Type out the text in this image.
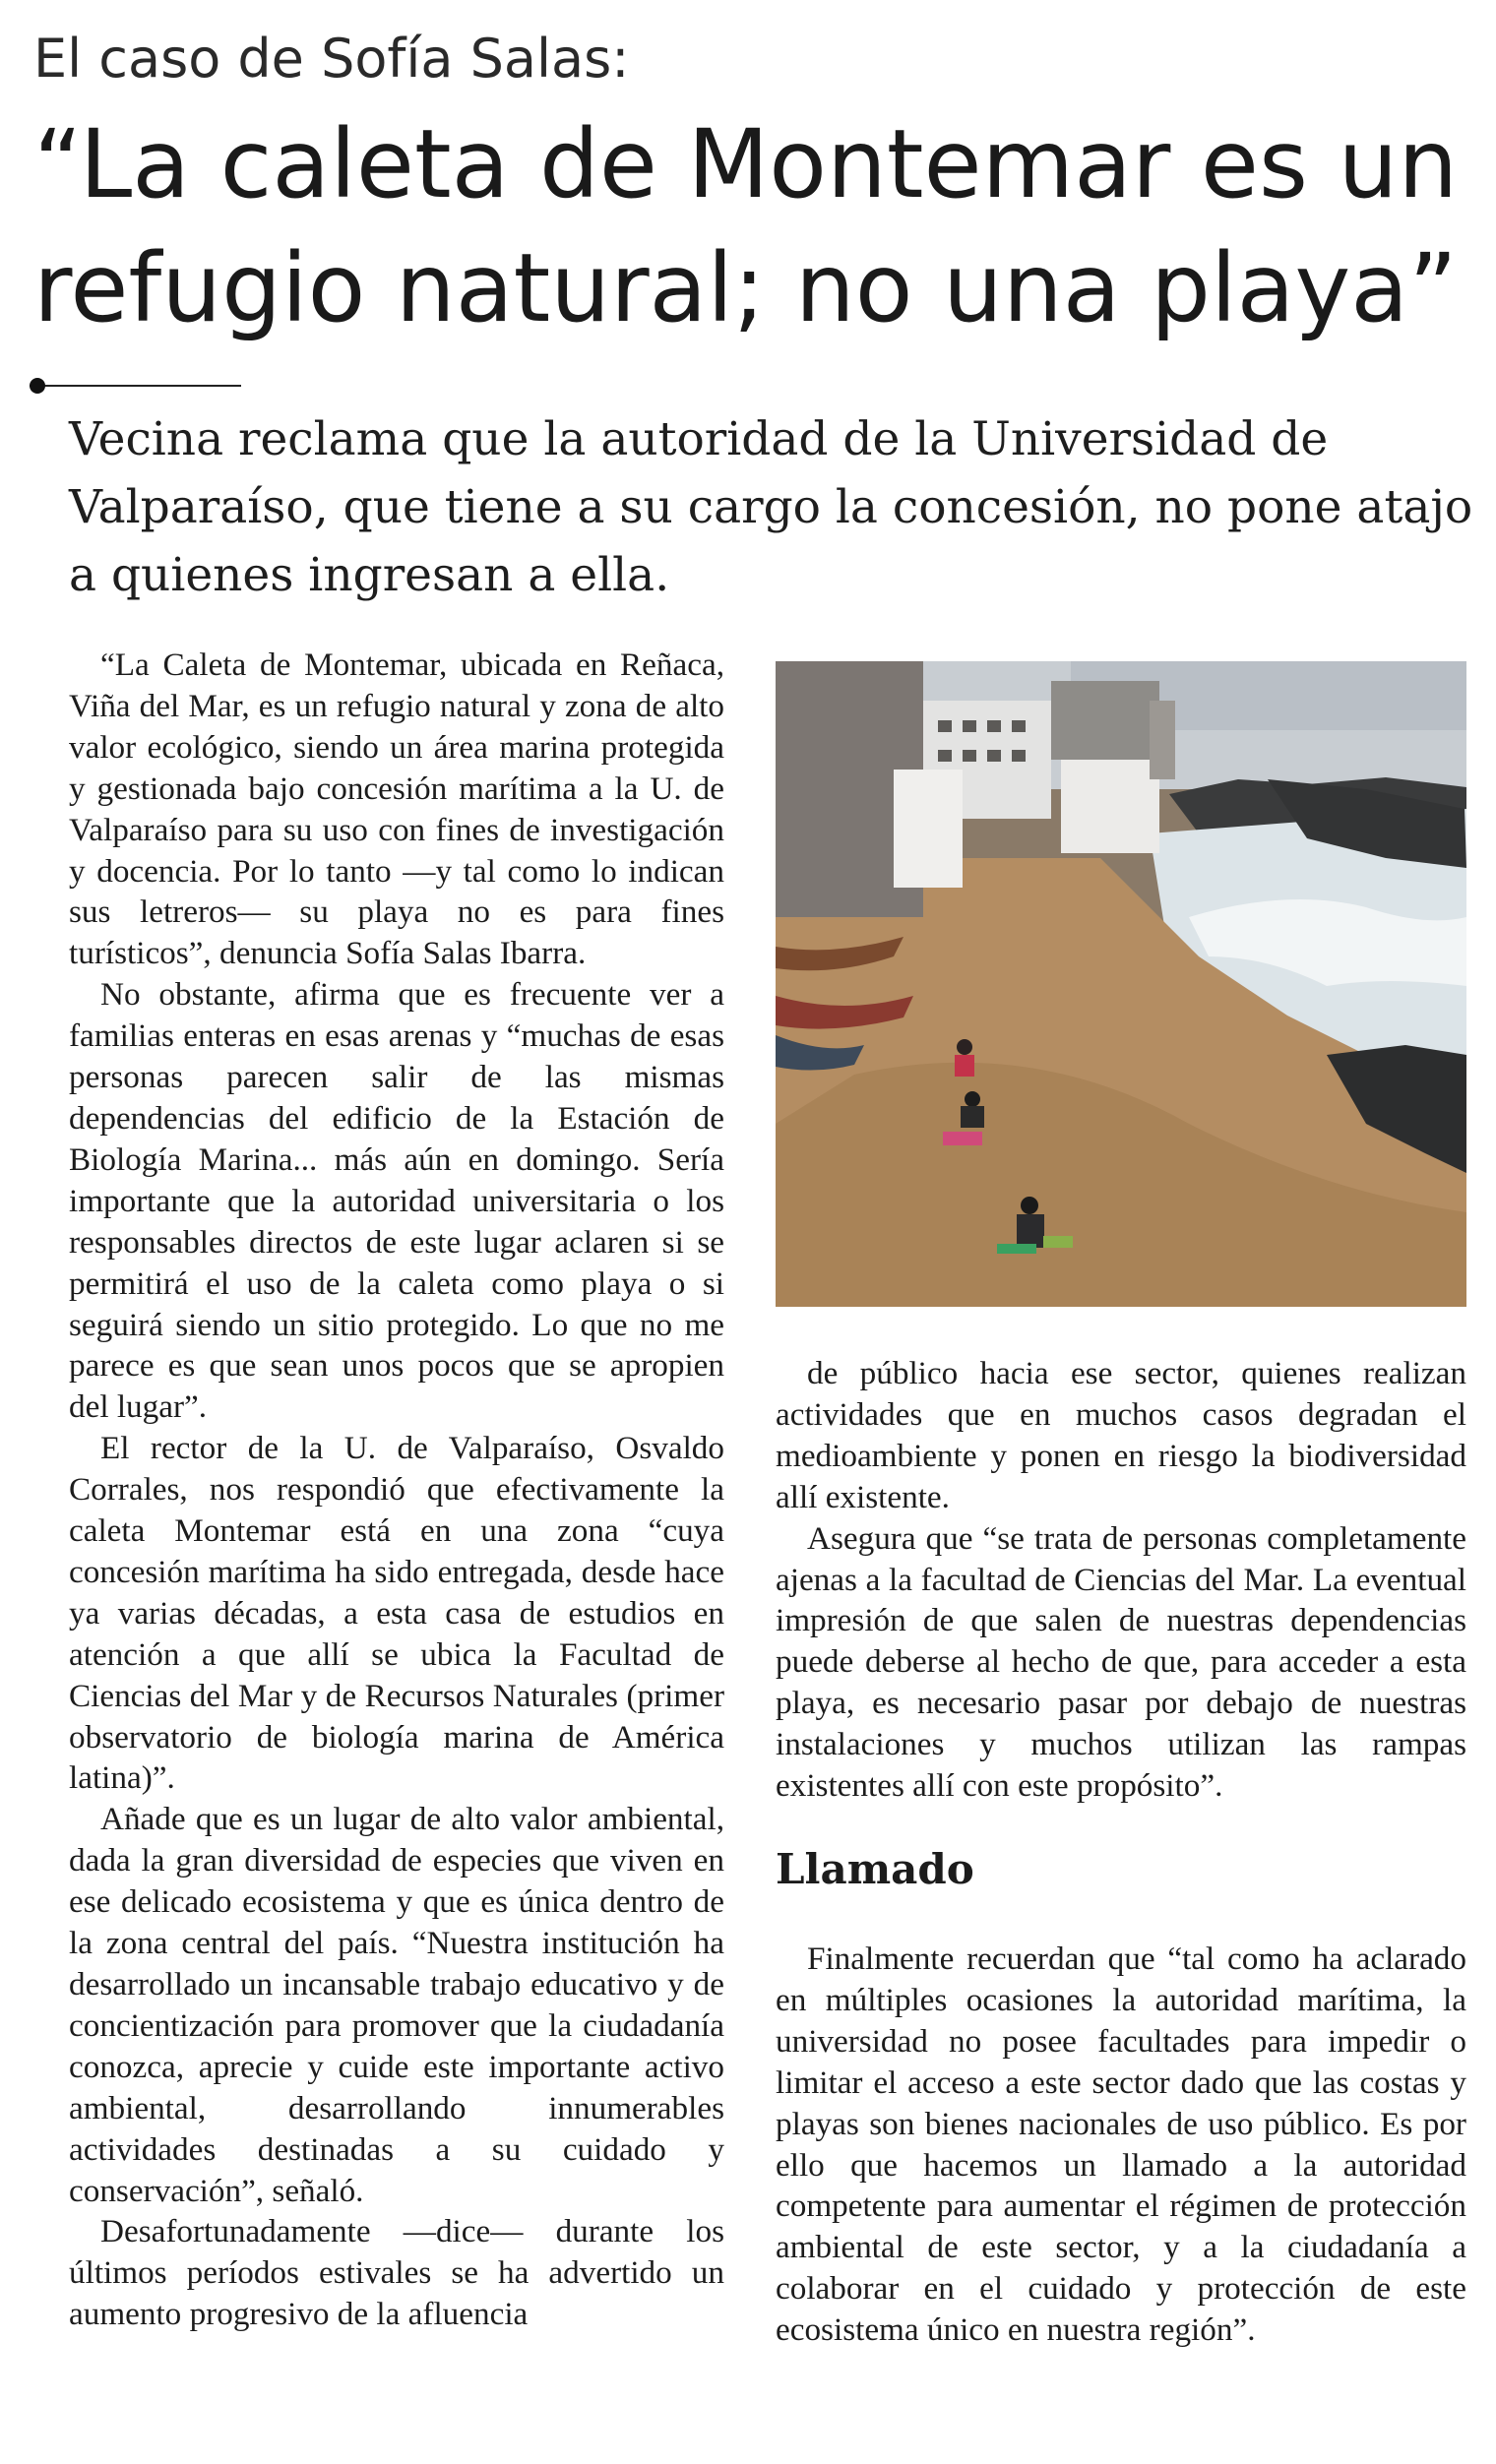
El caso de Sofía Salas:
“La caleta de Montemar es un refugio natural; no una playa”

Vecina reclama que la autoridad de la Universidad de Valparaíso, que tiene a su cargo la concesión, no pone atajo a quienes ingresan a ella.

“La Caleta de Montemar, ubicada en Reñaca, Viña del Mar, es un refugio natural y zona de alto valor ecológico, siendo un área marina protegida y gestionada bajo concesión marítima a la U. de Valparaíso para su uso con fines de investigación y docencia. Por lo tanto —y tal como lo indican sus letreros— su playa no es para fines turísticos”, denuncia Sofía Salas Ibarra.

No obstante, afirma que es frecuente ver a familias enteras en esas arenas y “muchas de esas personas parecen salir de las mismas dependencias del edificio de la Estación de Biología Marina... más aún en domingo. Sería importante que la autoridad universitaria o los responsables directos de este lugar aclaren si se permitirá el uso de la caleta como playa o si seguirá siendo un sitio protegido. Lo que no me parece es que sean unos pocos que se apropien del lugar”.

El rector de la U. de Valparaíso, Osvaldo Corrales, nos respondió que efectivamente la caleta Montemar está en una zona “cuya concesión marítima ha sido entregada, desde hace ya varias décadas, a esta casa de estudios en atención a que allí se ubica la Facultad de Ciencias del Mar y de Recursos Naturales (primer observatorio de biología marina de América latina)”.

Añade que es un lugar de alto valor ambiental, dada la gran diversidad de especies que viven en ese delicado ecosistema y que es única dentro de la zona central del país. “Nuestra institución ha desarrollado un incansable trabajo educativo y de concientización para promover que la ciudadanía conozca, aprecie y cuide este importante activo ambiental, desarrollando innumerables actividades destinadas a su cuidado y conservación”, señaló.

Desafortunadamente —dice— durante los últimos períodos estivales se ha advertido un aumento progresivo de la afluencia

de público hacia ese sector, quienes realizan actividades que en muchos casos degradan el medioambiente y ponen en riesgo la biodiversidad allí existente.

Asegura que “se trata de personas completamente ajenas a la facultad de Ciencias del Mar. La eventual impresión de que salen de nuestras dependencias puede deberse al hecho de que, para acceder a esta playa, es necesario pasar por debajo de nuestras instalaciones y muchos utilizan las rampas existentes allí con este propósito”.

Llamado

Finalmente recuerdan que “tal como ha aclarado en múltiples ocasiones la autoridad marítima, la universidad no posee facultades para impedir o limitar el acceso a este sector dado que las costas y playas son bienes nacionales de uso público. Es por ello que hacemos un llamado a la autoridad competente para aumentar el régimen de protección ambiental de este sector, y a la ciudadanía a colaborar en el cuidado y protección de este ecosistema único en nuestra región”.
